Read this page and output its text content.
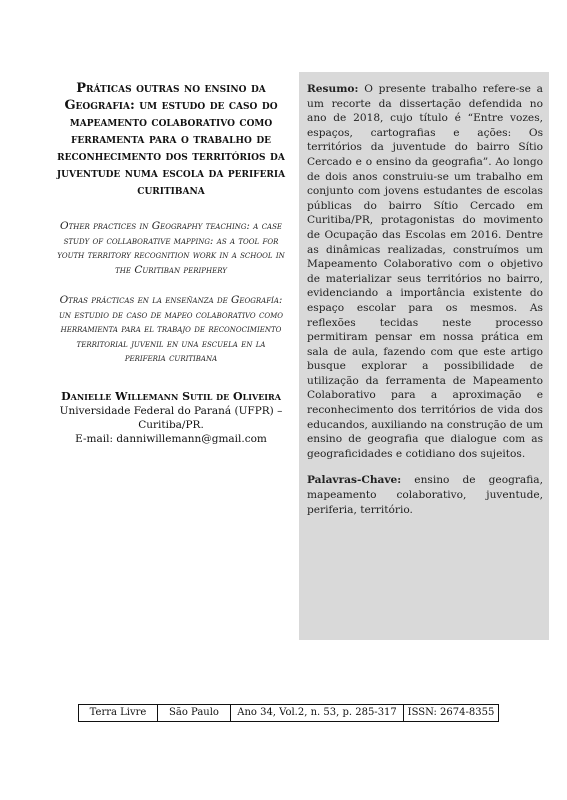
Práticas outras no ensino da Geografia: um estudo de caso do mapeamento colaborativo como ferramenta para o trabalho de reconhecimento dos territórios da juventude numa escola da periferia curitibana

Other practices in Geography teaching: a case study of collaborative mapping: as a tool for youth territory recognition work in a school in the Curitiban periphery

Otras prácticas en la enseñanza de Geografía: un estudio de caso de mapeo colaborativo como herramienta para el trabajo de reconocimiento territorial juvenil en una escuela en la periferia curitibana

Danielle Willemann Sutil de Oliveira
Universidade Federal do Paraná (UFPR) – Curitiba/PR.
E-mail: danniwillemann@gmail.com

Resumo: O presente trabalho refere-se a um recorte da dissertação defendida no ano de 2018, cujo título é “Entre vozes, espaços, cartografias e ações: Os territórios da juventude do bairro Sítio Cercado e o ensino da geografia”. Ao longo de dois anos construiu-se um trabalho em conjunto com jovens estudantes de escolas públicas do bairro Sítio Cercado em Curitiba/PR, protagonistas do movimento de Ocupação das Escolas em 2016. Dentre as dinâmicas realizadas, construímos um Mapeamento Colaborativo com o objetivo de materializar seus territórios no bairro, evidenciando a importância existente do espaço escolar para os mesmos. As reflexões tecidas neste processo permitiram pensar em nossa prática em sala de aula, fazendo com que este artigo busque explorar a possibilidade de utilização da ferramenta de Mapeamento Colaborativo para a aproximação e reconhecimento dos territórios de vida dos educandos, auxiliando na construção de um ensino de geografia que dialogue com as geograficidades e cotidiano dos sujeitos.

Palavras-Chave: ensino de geografia, mapeamento colaborativo, juventude, periferia, território.

Terra Livre	São Paulo	Ano 34, Vol.2, n. 53, p. 285-317	ISSN: 2674-8355
